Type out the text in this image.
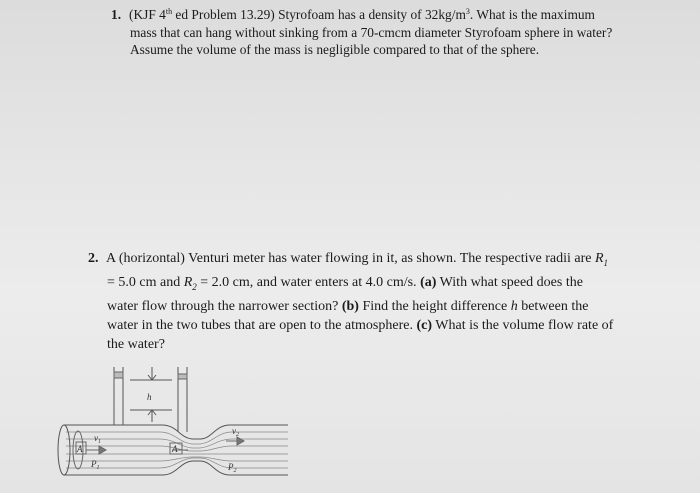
1. (KJF 4th ed Problem 13.29) Styrofoam has a density of $32kg/m^3$. What is the maximum
mass that can hang without sinking from a 70-cmcm diameter Styrofoam sphere in water?
Assume the volume of the mass is negligible compared to that of the sphere.
2. A (horizontal) Venturi meter has water flowing in it, as shown. The respective radii are $R_1$
= 5.0 cm and $R_2 = 2.0$ cm, and water enters at 4.0 cm/s. (a) With what speed does the
water flow through the narrower section? (b) Find the height difference h between the
water in the two tubes that are open to the atmosphere. (c) What is the volume flow rate of
the water?
h
A
$v_1$
$P_1$
A
$v_2$
$P_2$
